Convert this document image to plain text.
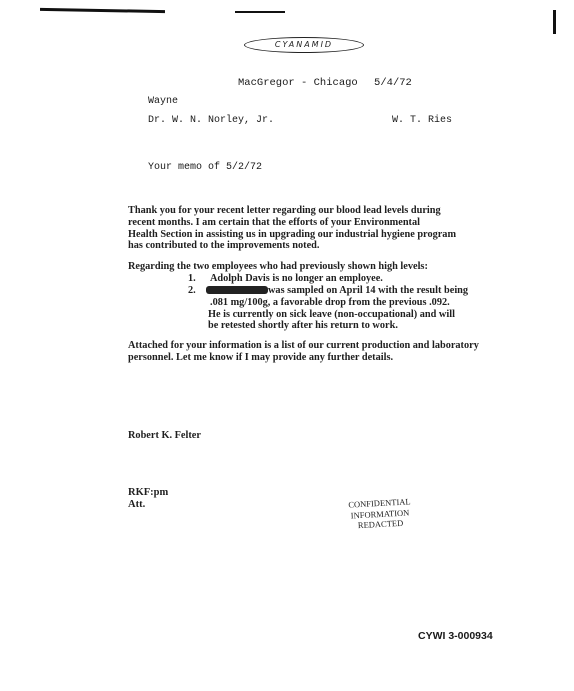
CYANAMID
MacGregor - Chicago 5/4/72
Wayne
Dr. W. N. Norley, Jr.	W. T. Ries
Your memo of 5/2/72
Thank you for your recent letter regarding our blood lead levels during
recent months. I am certain that the efforts of your Environmental
Health Section in assisting us in upgrading our industrial hygiene program
has contributed to the improvements noted.
Regarding the two employees who had previously shown high levels:
1. Adolph Davis is no longer an employee.
2.	was sampled on April 14 with the result being
.081 mg/100g, a favorable drop from the previous .092.
He is currently on sick leave (non-occupational) and will
be retested shortly after his return to work.
Attached for your information is a list of our current production and laboratory
personnel. Let me know if I may provide any further details.
Robert K. Felter
RKF:pm
Att.	CONFIDENTIAL
INFORMATION
REDACTED
CYWI 3-000934
